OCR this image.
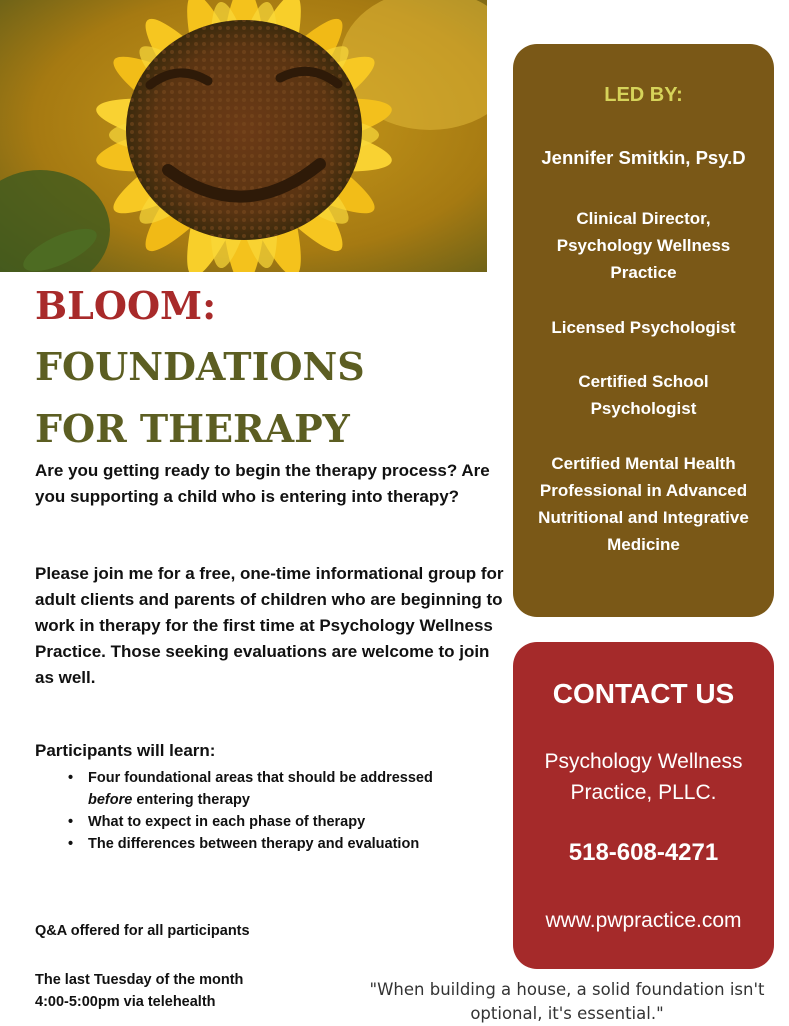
BLOOM:
FOUNDATIONS
FOR THERAPY

Are you getting ready to begin the therapy process? Are you supporting a child who is entering into therapy?

Please join me for a free, one-time informational group for adult clients and parents of children who are beginning to work in therapy for the first time at Psychology Wellness Practice. Those seeking evaluations are welcome to join as well.

Participants will learn:

• Four foundational areas that should be addressed before entering therapy
• What to expect in each phase of therapy
• The differences between therapy and evaluation

Q&A offered for all participants

The last Tuesday of the month
4:00-5:00pm via telehealth

"When building a house, a solid foundation isn't optional, it's essential."

LED BY:
Jennifer Smitkin, Psy.D
Clinical Director, Psychology Wellness Practice
Licensed Psychologist
Certified School Psychologist
Certified Mental Health Professional in Advanced Nutritional and Integrative Medicine
CONTACT US
Psychology Wellness Practice, PLLC.
518-608-4271
www.pwpractice.com
